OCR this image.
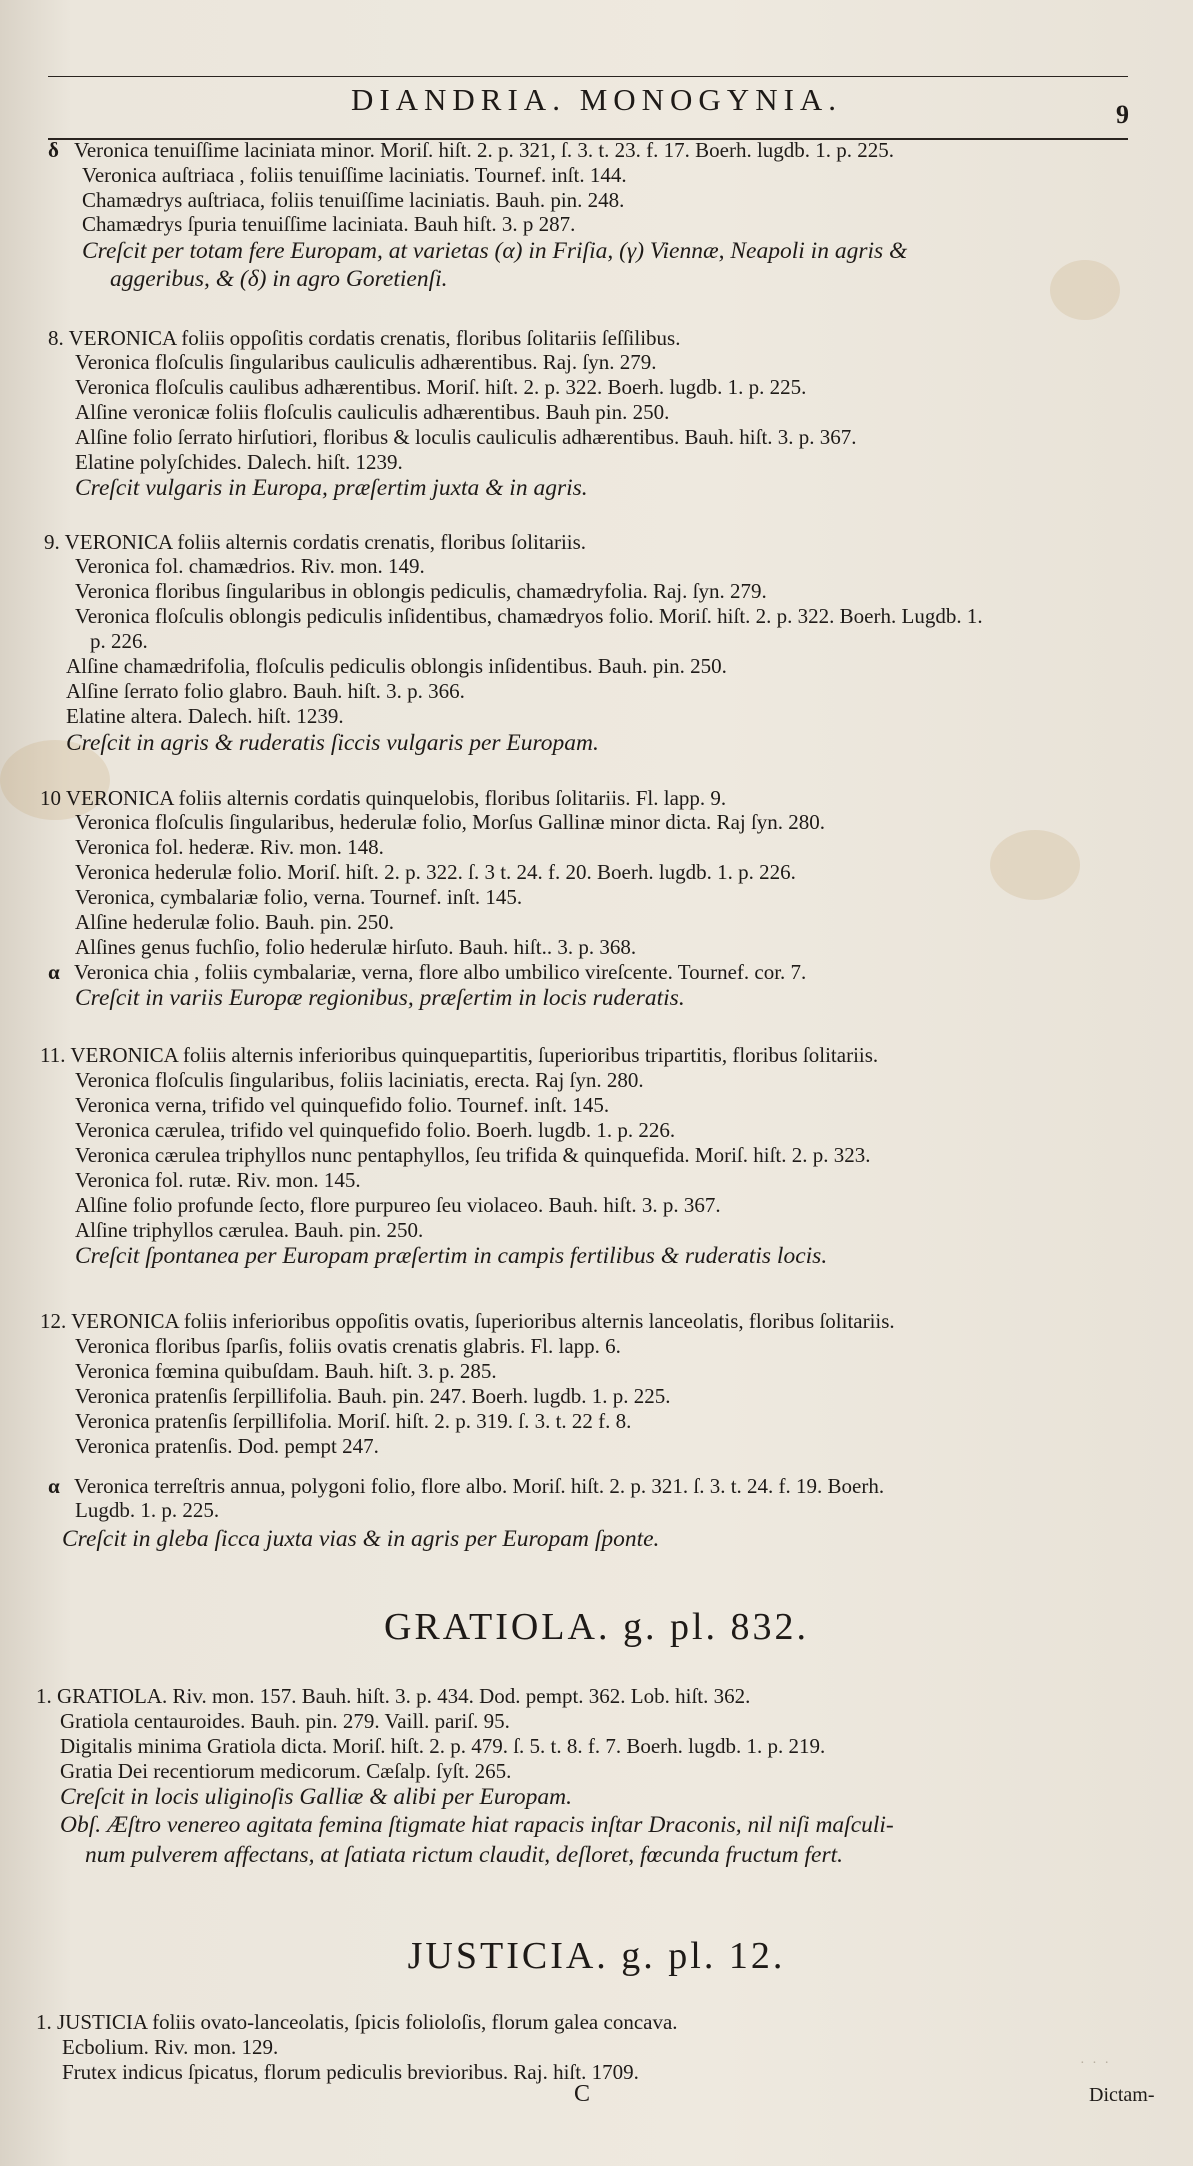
DIANDRIA. MONOGYNIA.	9
δ Veronica tenuiſſime laciniata minor. Moriſ. hiſt. 2. p. 321, ſ. 3. t. 23. f. 17. Boerh. lugdb. 1. p. 225.
Veronica auſtriaca , foliis tenuiſſime laciniatis. Tournef. inſt. 144.
Chamædrys auſtriaca, foliis tenuiſſime laciniatis. Bauh. pin. 248.
Chamædrys ſpuria tenuiſſime laciniata. Bauh hiſt. 3. p 287.
Creſcit per totam fere Europam, at varietas (α) in Friſia, (γ) Viennæ, Neapoli in agris &
aggeribus, & (δ) in agro Goretienſi.
8. VERONICA foliis oppoſitis cordatis crenatis, floribus ſolitariis ſeſſilibus.
Veronica floſculis ſingularibus cauliculis adhærentibus. Raj. ſyn. 279.
Veronica floſculis caulibus adhærentibus. Moriſ. hiſt. 2. p. 322. Boerh. lugdb. 1. p. 225.
Alſine veronicæ foliis floſculis cauliculis adhærentibus. Bauh pin. 250.
Alſine folio ſerrato hirſutiori, floribus & loculis cauliculis adhærentibus. Bauh. hiſt. 3. p. 367.
Elatine polyſchides. Dalech. hiſt. 1239.
Creſcit vulgaris in Europa, præſertim juxta & in agris.
9. VERONICA foliis alternis cordatis crenatis, floribus ſolitariis.
Veronica fol. chamædrios. Riv. mon. 149.
Veronica floribus ſingularibus in oblongis pediculis, chamædryfolia. Raj. ſyn. 279.
Veronica floſculis oblongis pediculis inſidentibus, chamædryos folio. Moriſ. hiſt. 2. p. 322. Boerh. Lugdb. 1.
p. 226.
Alſine chamædrifolia, floſculis pediculis oblongis inſidentibus. Bauh. pin. 250.
Alſine ſerrato folio glabro. Bauh. hiſt. 3. p. 366.
Elatine altera. Dalech. hiſt. 1239.
Creſcit in agris & ruderatis ſiccis vulgaris per Europam.
10 VERONICA foliis alternis cordatis quinquelobis, floribus ſolitariis. Fl. lapp. 9.
Veronica floſculis ſingularibus, hederulæ folio, Morſus Gallinæ minor dicta. Raj ſyn. 280.
Veronica fol. hederæ. Riv. mon. 148.
Veronica hederulæ folio. Moriſ. hiſt. 2. p. 322. ſ. 3 t. 24. f. 20. Boerh. lugdb. 1. p. 226.
Veronica, cymbalariæ folio, verna. Tournef. inſt. 145.
Alſine hederulæ folio. Bauh. pin. 250.
Alſines genus fuchſio, folio hederulæ hirſuto. Bauh. hiſt.. 3. p. 368.
α Veronica chia , foliis cymbalariæ, verna, flore albo umbilico vireſcente. Tournef. cor. 7.
Creſcit in variis Europæ regionibus, præſertim in locis ruderatis.
11. VERONICA foliis alternis inferioribus quinquepartitis, ſuperioribus tripartitis, floribus ſolitariis.
Veronica floſculis ſingularibus, foliis laciniatis, erecta. Raj ſyn. 280.
Veronica verna, trifido vel quinquefido folio. Tournef. inſt. 145.
Veronica cærulea, trifido vel quinquefido folio. Boerh. lugdb. 1. p. 226.
Veronica cærulea triphyllos nunc pentaphyllos, ſeu trifida & quinquefida. Moriſ. hiſt. 2. p. 323.
Veronica fol. rutæ. Riv. mon. 145.
Alſine folio profunde ſecto, flore purpureo ſeu violaceo. Bauh. hiſt. 3. p. 367.
Alſine triphyllos cærulea. Bauh. pin. 250.
Creſcit ſpontanea per Europam præſertim in campis fertilibus & ruderatis locis.
12. VERONICA foliis inferioribus oppoſitis ovatis, ſuperioribus alternis lanceolatis, floribus ſolitariis.
Veronica floribus ſparſis, foliis ovatis crenatis glabris. Fl. lapp. 6.
Veronica fœmina quibuſdam. Bauh. hiſt. 3. p. 285.
Veronica pratenſis ſerpillifolia. Bauh. pin. 247. Boerh. lugdb. 1. p. 225.
Veronica pratenſis ſerpillifolia. Moriſ. hiſt. 2. p. 319. ſ. 3. t. 22 f. 8.
Veronica pratenſis. Dod. pempt 247.
α Veronica terreſtris annua, polygoni folio, flore albo. Moriſ. hiſt. 2. p. 321. ſ. 3. t. 24. f. 19. Boerh.
Lugdb. 1. p. 225.
Creſcit in gleba ſicca juxta vias & in agris per Europam ſponte.
1. GRATIOLA. Riv. mon. 157. Bauh. hiſt. 3. p. 434. Dod. pempt. 362. Lob. hiſt. 362.
Gratiola centauroides. Bauh. pin. 279. Vaill. pariſ. 95.
Digitalis minima Gratiola dicta. Moriſ. hiſt. 2. p. 479. ſ. 5. t. 8. f. 7. Boerh. lugdb. 1. p. 219.
Gratia Dei recentiorum medicorum. Cæſalp. ſyſt. 265.
Creſcit in locis uliginoſis Galliæ & alibi per Europam.
Obſ. Æſtro venereo agitata femina ſtigmate hiat rapacis inſtar Draconis, nil niſi maſculi-
num pulverem affectans, at ſatiata rictum claudit, deſloret, fœcunda fructum fert.
1. JUSTICIA foliis ovato-lanceolatis, ſpicis folioloſis, florum galea concava.
Ecbolium. Riv. mon. 129.
Frutex indicus ſpicatus, florum pediculis brevioribus. Raj. hiſt. 1709.
GRATIOLA. g. pl. 832.
JUSTICIA. g. pl. 12.
· · ·
C	Dictam-
